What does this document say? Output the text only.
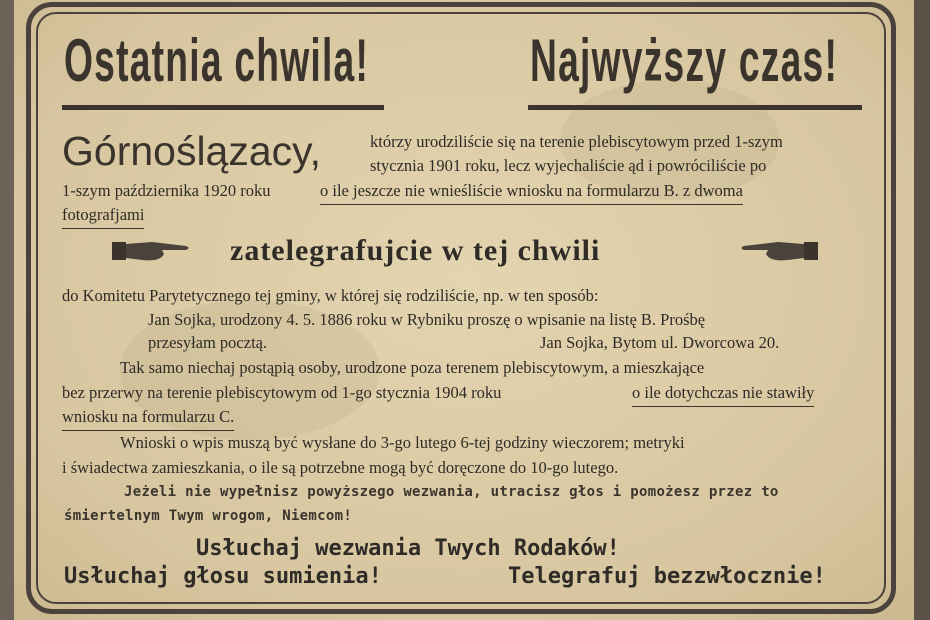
Ostatnia chwila!	Najwyższy czas!
Górnoślązacy,	którzy urodziliście się na terenie plebiscytowym przed 1-szym
stycznia 1901 roku, lecz wyjechaliście ąd i powróciliście po
1-szym października 1920 roku	o ile jeszcze nie wnieśliście wniosku na formularzu B. z dwoma
fotografjami
zatelegrafujcie w tej chwili
do Komitetu Parytetycznego tej gminy, w której się rodziliście, np. w ten sposób:
Jan Sojka, urodzony 4. 5. 1886 roku w Rybniku proszę o wpisanie na listę B. Prośbę
przesyłam pocztą.	Jan Sojka, Bytom ul. Dworcowa 20.
Tak samo niechaj postąpią osoby, urodzone poza terenem plebiscytowym, a mieszkające
bez przerwy na terenie plebiscytowym od 1-go stycznia 1904 roku	o ile dotychczas nie stawiły
wniosku na formularzu C.
Wnioski o wpis muszą być wysłane do 3-go lutego 6-tej godziny wieczorem; metryki
i świadectwa zamieszkania, o ile są potrzebne mogą być doręczone do 10-go lutego.
Jeżeli nie wypełnisz powyższego wezwania, utracisz głos i pomożesz przez to
śmiertelnym Twym wrogom, Niemcom!
Usłuchaj wezwania Twych Rodaków!
Usłuchaj głosu sumienia!	Telegrafuj bezzwłocznie!
